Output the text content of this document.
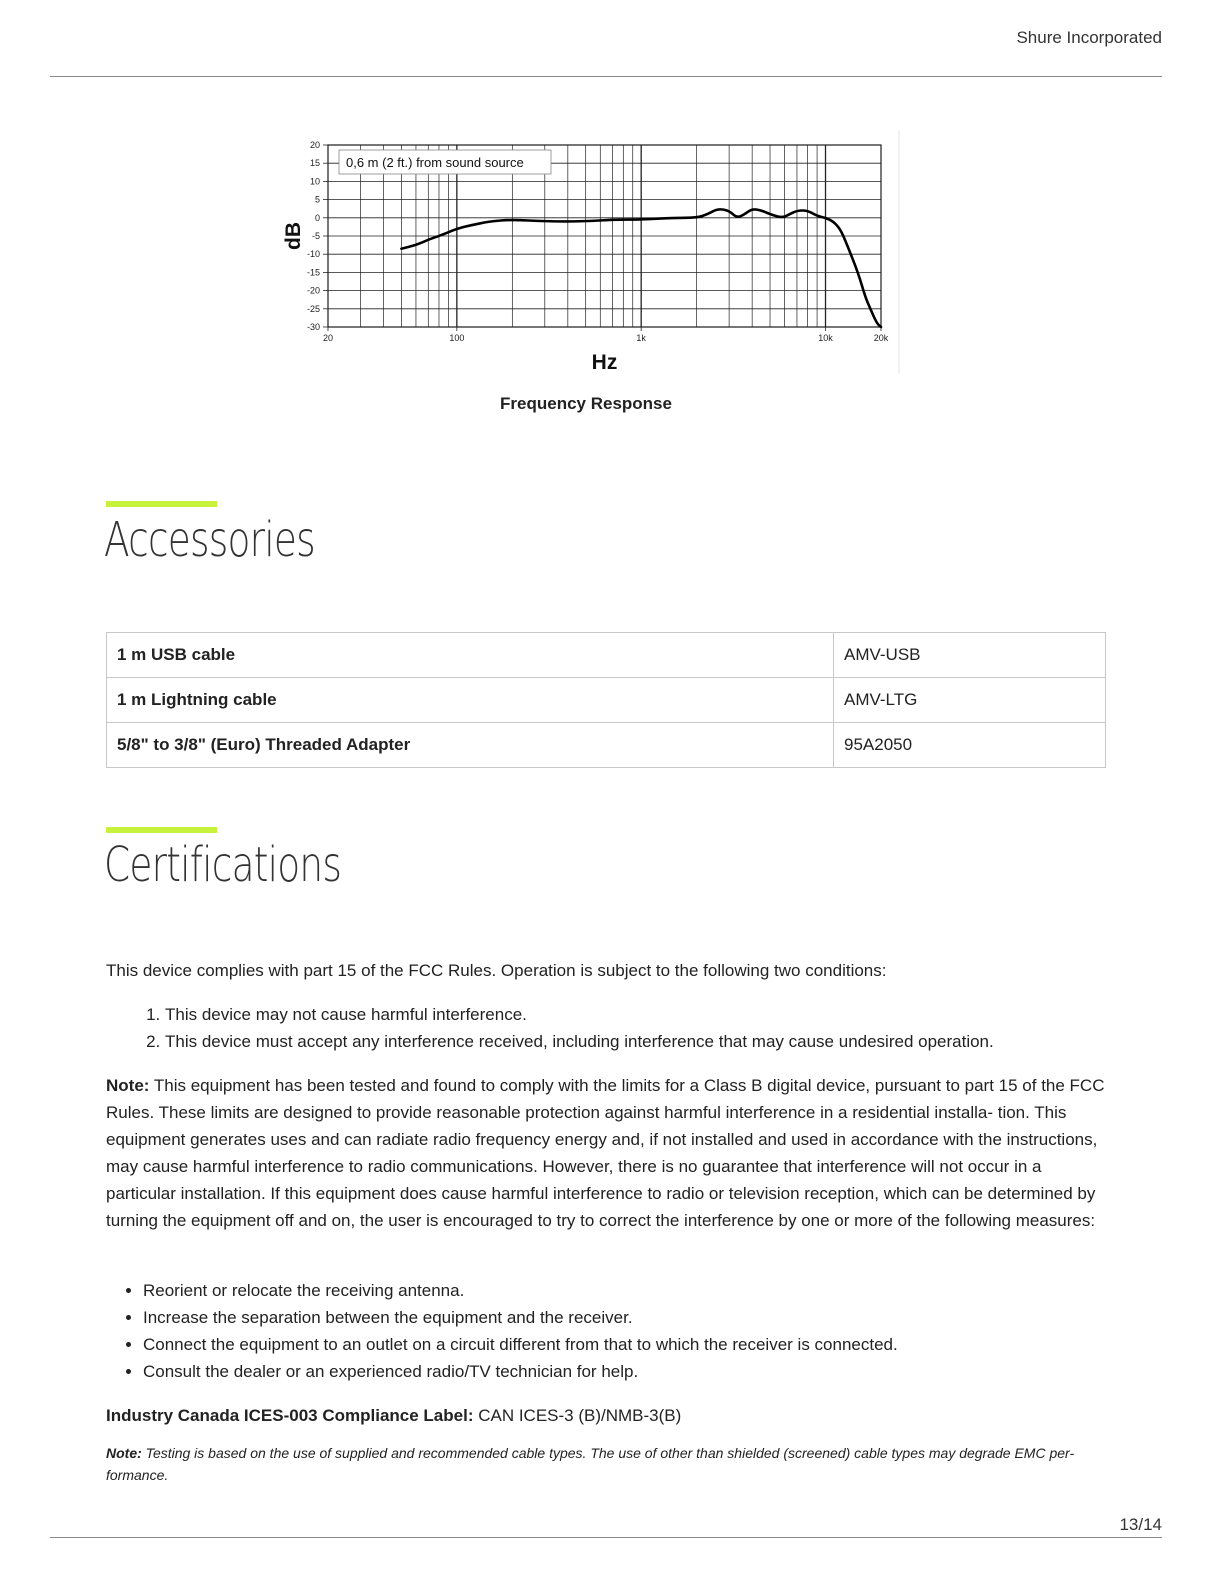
Shure Incorporated
20
15
10
5
0
-5
-10
-15
-20
-25
-30
20	100	1k	10k	20k
Hz
dB
0,6 m (2 ft.) from sound source
Frequency Response
Accessories
1 m USB cable	AMV-USB
1 m Lightning cable	AMV-LTG
5/8" to 3/8" (Euro) Threaded Adapter	95A2050
Certifications

This device complies with part 15 of the FCC Rules. Operation is subject to the following two conditions:

1. This device may not cause harmful interference.
2. This device must accept any interference received, including interference that may cause undesired operation.

Note: This equipment has been tested and found to comply with the limits for a Class B digital device, pursuant to part 15 of the FCC Rules. These limits are designed to provide reasonable protection against harmful interference in a residential installa- tion. This equipment generates uses and can radiate radio frequency energy and, if not installed and used in accordance with the instructions, may cause harmful interference to radio communications. However, there is no guarantee that interference will not occur in a particular installation. If this equipment does cause harmful interference to radio or television reception, which can be determined by turning the equipment off and on, the user is encouraged to try to correct the interference by one or more of the following measures:

• Reorient or relocate the receiving antenna.
• Increase the separation between the equipment and the receiver.
• Connect the equipment to an outlet on a circuit different from that to which the receiver is connected.
• Consult the dealer or an experienced radio/TV technician for help.

Industry Canada ICES-003 Compliance Label: CAN ICES-3 (B)/NMB-3(B)

Note: Testing is based on the use of supplied and recommended cable types. The use of other than shielded (screened) cable types may degrade EMC per- formance.
13/14
